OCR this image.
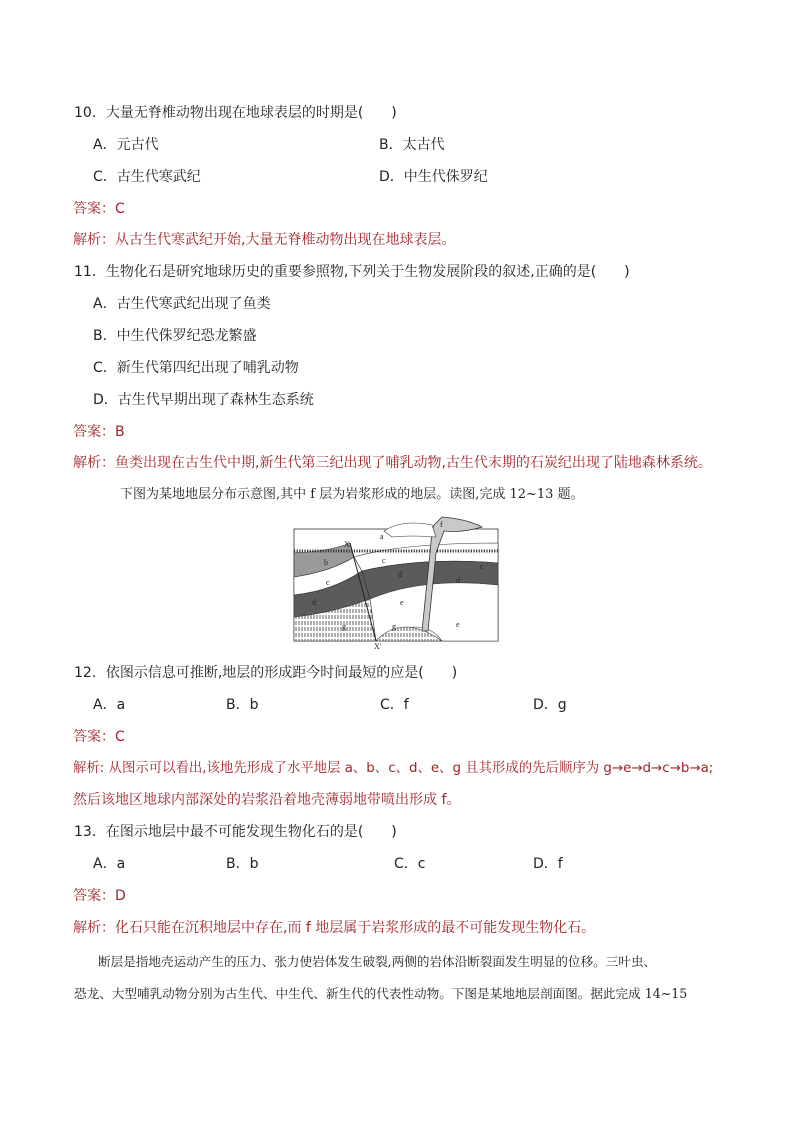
10．大量无脊椎动物出现在地球表层的时期是(　　)
A．元古代	B．太古代
C．古生代寒武纪	D．中生代侏罗纪
答案：C
解析：从古生代寒武纪开始,大量无脊椎动物出现在地球表层。
11．生物化石是研究地球历史的重要参照物,下列关于生物发展阶段的叙述,正确的是(　　)
A．古生代寒武纪出现了鱼类
B．中生代侏罗纪恐龙繁盛
C．新生代第四纪出现了哺乳动物
D．古生代早期出现了森林生态系统
答案：B
解析：鱼类出现在古生代中期,新生代第三纪出现了哺乳动物,古生代末期的石炭纪出现了陆地森林系统。
下图为某地地层分布示意图,其中 f 层为岩浆形成的地层。读图,完成 12~13 题。
a
b
c
c
c
d
d
d
e
e
f
g	g
X
X′
12．依图示信息可推断,地层的形成距今时间最短的应是(　　)
A．a	B．b	C．f	D．g
答案：C
解析: 从图示可以看出,该地先形成了水平地层 a、b、c、d、e、g 且其形成的先后顺序为 g→e→d→c→b→a;
然后该地区地球内部深处的岩浆沿着地壳薄弱地带喷出形成 f。
13．在图示地层中最不可能发现生物化石的是(　　)
A．a	B．b	C．c	D．f
答案：D
解析：化石只能在沉积地层中存在,而 f 地层属于岩浆形成的最不可能发现生物化石。
断层是指地壳运动产生的压力、张力使岩体发生破裂,两侧的岩体沿断裂面发生明显的位移。三叶虫、
恐龙、大型哺乳动物分别为古生代、中生代、新生代的代表性动物。下图是某地地层剖面图。据此完成 14~15
